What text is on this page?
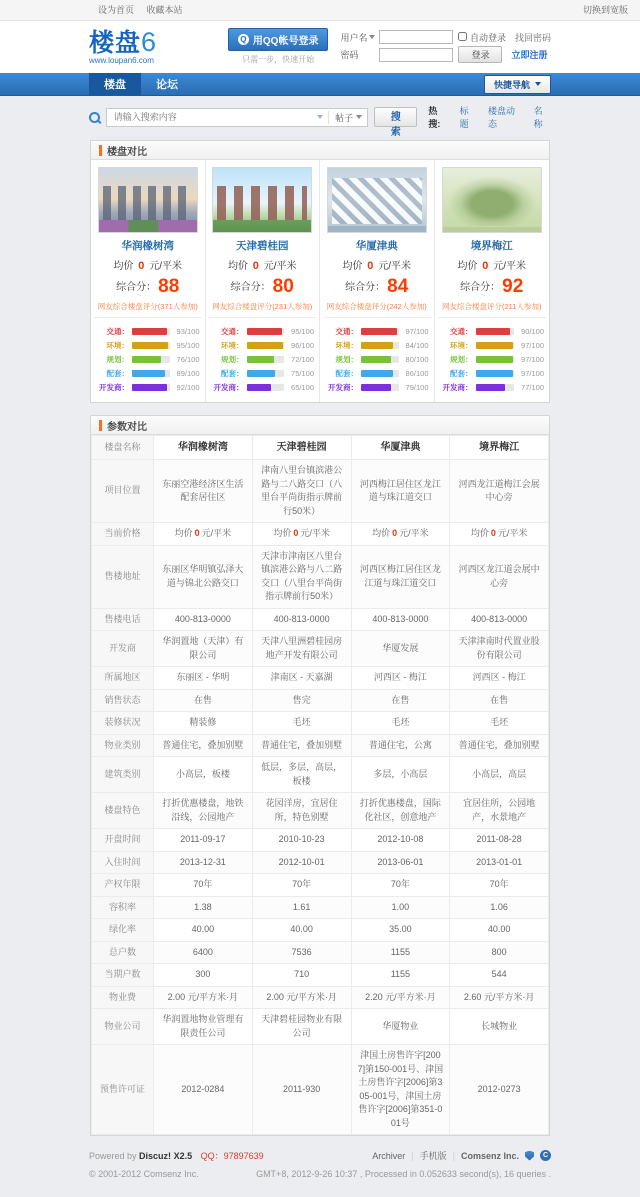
设为首页 收藏本站	切换到宽版
楼盘6
www.loupan6.com
Q
用QQ帐号登录
只需一步，快速开始
用户名	自动登录 找回密码
密码	登录	立即注册
楼盘	论坛	快捷导航
请输入搜索内容
帖子	搜索
热搜:
标题
楼盘动态
名称
楼盘对比
华润橡树湾
均价 0 元/平米
综合分： 88
网友综合楼盘评分(371人参加)
交通：	93/100
环境：	95/100
规划：	76/100
配套：	89/100
开发商：	92/100
天津碧桂园
均价 0 元/平米
综合分： 80
网友综合楼盘评分(231人参加)
交通：	95/100
环境：	96/100
规划：	72/100
配套：	75/100
开发商：	65/100
华厦津典
均价 0 元/平米
综合分： 84
网友综合楼盘评分(242人参加)
交通：	97/100
环境：	84/100
规划：	80/100
配套：	86/100
开发商：	79/100
境界梅江
均价 0 元/平米
综合分： 92
网友综合楼盘评分(211人参加)
交通：	90/100
环境：	97/100
规划：	97/100
配套：	97/100
开发商：	77/100
参数对比
楼盘名称	华润橡树湾	天津碧桂园	华厦津典	境界梅江
项目位置	东丽空港经济区生活配套居住区	津南八里台镇滨港公路与二八路交口（八里台平尚街指示牌前行50米）	河西梅江居住区龙江道与珠江道交口	河西龙江道梅江会展中心旁
当前价格	均价 0 元/平米	均价 0 元/平米	均价 0 元/平米	均价 0 元/平米
售楼地址	东丽区华明镇弘泽大道与锦北公路交口	天津市津南区八里台镇滨港公路与八二路交口（八里台平尚街指示牌前行50米）	河西区梅江居住区龙江道与珠江道交口	河西区龙江道会展中心旁
售楼电话	400-813-0000	400-813-0000	400-813-0000	400-813-0000
开发商	华润置地（天津）有限公司	天津八里洲碧桂园房地产开发有限公司	华厦发展	天津津南时代置业股份有限公司
所属地区	东丽区 - 华明	津南区 - 天嘉湖	河西区 - 梅江	河西区 - 梅江
销售状态	在售	售完	在售	在售
装修状况	精装修	毛坯	毛坯	毛坯
物业类别	普通住宅，叠加别墅	普通住宅，叠加别墅	普通住宅，公寓	普通住宅，叠加别墅
建筑类别	小高层，板楼	低层，多层，高层，板楼	多层，小高层	小高层，高层
楼盘特色	打折优惠楼盘，地铁沿线，公园地产	花园洋房，宜居住所，特色别墅	打折优惠楼盘，国际化社区，创意地产	宜居住所，公园地产，水景地产
开盘时间	2011-09-17	2010-10-23	2012-10-08	2011-08-28
入住时间	2013-12-31	2012-10-01	2013-06-01	2013-01-01
产权年限	70年	70年	70年	70年
容积率	1.38	1.61	1.00	1.06
绿化率	40.00	40.00	35.00	40.00
总户数	6400	7536	1155	800
当期户数	300	710	1155	544
物业费	2.00 元/平方米·月	2.00 元/平方米·月	2.20 元/平方米·月	2.60 元/平方米·月
物业公司	华润置地物业管理有限责任公司	天津碧桂园物业有限公司	华厦物业	长城物业
预售许可证	2012-0284	2011-930	津国土房售许字[2007]第150-001号、津国土房售许字[2006]第305-001号，津国土房售许字[2006]第351-001号	2012-0273
Powered by Discuz! X2.5 QQ：97897639	Archiver | 手机版 | Comsenz Inc.
C
© 2001-2012 Comsenz Inc.	GMT+8, 2012-9-26 10:37 , Processed in 0.052633 second(s), 16 queries .
